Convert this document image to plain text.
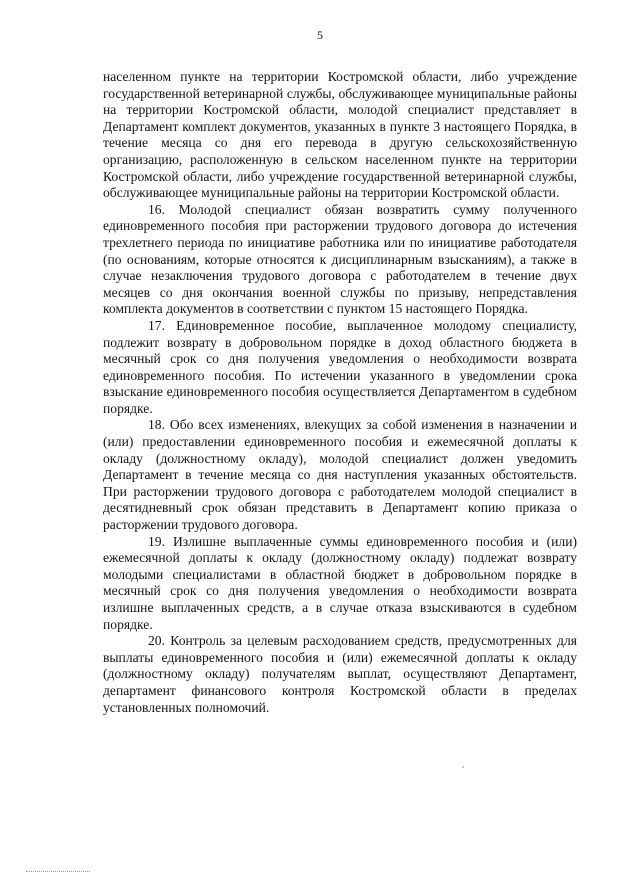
5

населенном пункте на территории Костромской области, либо учреждение государственной ветеринарной службы, обслуживающее муниципальные районы на территории Костромской области, молодой специалист представляет в Департамент комплект документов, указанных в пункте 3 настоящего Порядка, в течение месяца со дня его перевода в другую сельскохозяйственную организацию, расположенную в сельском населенном пункте на территории Костромской области, либо учреждение государственной ветеринарной службы, обслуживающее муниципальные районы на территории Костромской области.

16. Молодой специалист обязан возвратить сумму полученного единовременного пособия при расторжении трудового договора до истечения трехлетнего периода по инициативе работника или по инициативе работодателя (по основаниям, которые относятся к дисциплинарным взысканиям), а также в случае незаключения трудового договора с работодателем в течение двух месяцев со дня окончания военной службы по призыву, непредставления комплекта документов в соответствии с пунктом 15 настоящего Порядка.

17. Единовременное пособие, выплаченное молодому специалисту, подлежит возврату в добровольном порядке в доход областного бюджета в месячный срок со дня получения уведомления о необходимости возврата единовременного пособия. По истечении указанного в уведомлении срока взыскание единовременного пособия осуществляется Департаментом в судебном порядке.

18. Обо всех изменениях, влекущих за собой изменения в назначении и (или) предоставлении единовременного пособия и ежемесячной доплаты к окладу (должностному окладу), молодой специалист должен уведомить Департамент в течение месяца со дня наступления указанных обстоятельств. При расторжении трудового договора с работодателем молодой специалист в десятидневный срок обязан представить в Департамент копию приказа о расторжении трудового договора.

19. Излишне выплаченные суммы единовременного пособия и (или) ежемесячной доплаты к окладу (должностному окладу) подлежат возврату молодыми специалистами в областной бюджет в добровольном порядке в месячный срок со дня получения уведомления о необходимости возврата излишне выплаченных средств, а в случае отказа взыскиваются в судебном порядке.

20. Контроль за целевым расходованием средств, предусмотренных для выплаты единовременного пособия и (или) ежемесячной доплаты к окладу (должностному окладу) получателям выплат, осуществляют Департамент, департамент финансового контроля Костромской области в пределах установленных полномочий.
